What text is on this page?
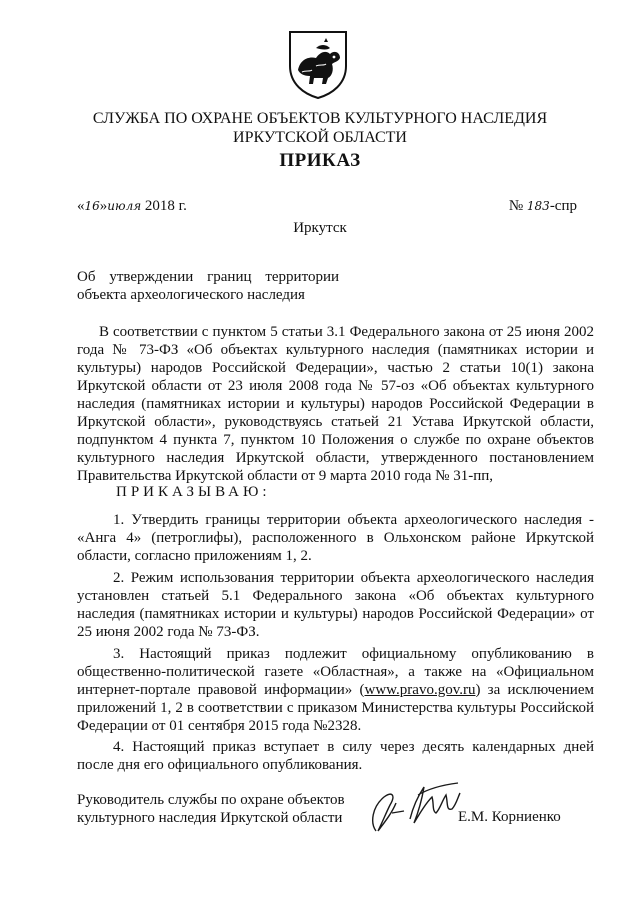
СЛУЖБА ПО ОХРАНЕ ОБЪЕКТОВ КУЛЬТУРНОГО НАСЛЕДИЯ
ИРКУТСКОЙ ОБЛАСТИ
ПРИКАЗ
«16»июля 2018 г.	№ 183-спр
Иркутск
Об утверждении границ территории
объекта археологического наследия

В соответствии с пунктом 5 статьи 3.1 Федерального закона от 25 июня 2002 года № 73-ФЗ «Об объектах культурного наследия (памятниках истории и культуры) народов Российской Федерации», частью 2 статьи 10(1) закона Иркутской области от 23 июля 2008 года № 57-оз «Об объектах культурного наследия (памятниках истории и культуры) народов Российской Федерации в Иркутской области», руководствуясь статьей 21 Устава Иркутской области, подпунктом 4 пункта 7, пунктом 10 Положения о службе по охране объектов культурного наследия Иркутской области, утвержденного постановлением Правительства Иркутской области от 9 марта 2010 года № 31-пп,

ПРИКАЗЫВАЮ:

1. Утвердить границы территории объекта археологического наследия - «Анга 4» (петроглифы), расположенного в Ольхонском районе Иркутской области, согласно приложениям 1, 2.

2. Режим использования территории объекта археологического наследия установлен статьей 5.1 Федерального закона «Об объектах культурного наследия (памятниках истории и культуры) народов Российской Федерации» от 25 июня 2002 года № 73-ФЗ.

3. Настоящий приказ подлежит официальному опубликованию в общественно-политической газете «Областная», а также на «Официальном интернет-портале правовой информации» (www.pravo.gov.ru) за исключением приложений 1, 2 в соответствии с приказом Министерства культуры Российской Федерации от 01 сентября 2015 года №2328.

4. Настоящий приказ вступает в силу через десять календарных дней после дня его официального опубликования.

Руководитель службы по охране объектов
культурного наследия Иркутской области	Е.М. Корниенко
